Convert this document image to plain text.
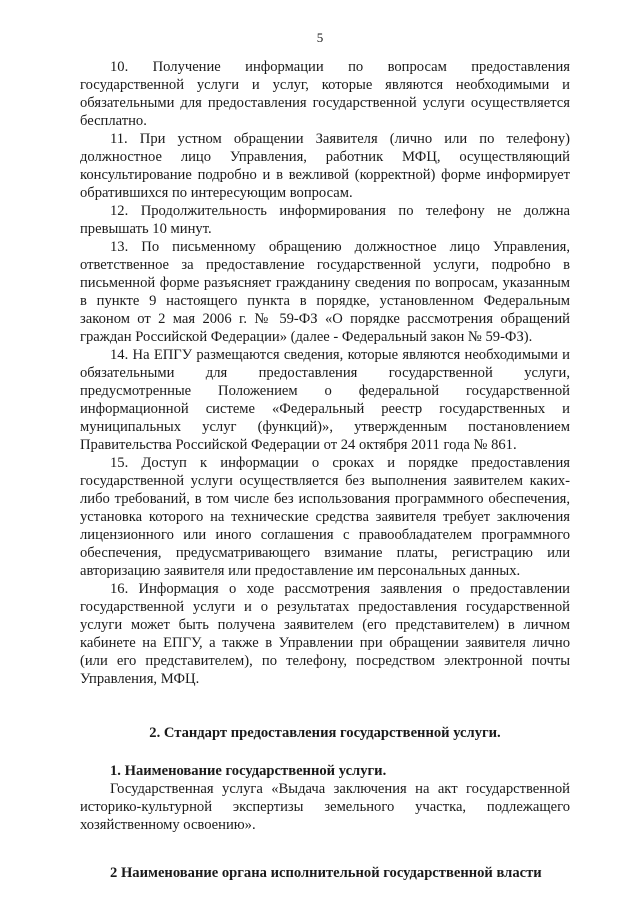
5

10. Получение информации по вопросам предоставления государственной услуги и услуг, которые являются необходимыми и обязательными для предоставления государственной услуги осуществляется бесплатно.

11. При устном обращении Заявителя (лично или по телефону) должностное лицо Управления, работник МФЦ, осуществляющий консультирование подробно и в вежливой (корректной) форме информирует обратившихся по интересующим вопросам.

12. Продолжительность информирования по телефону не должна превышать 10 минут.

13. По письменному обращению должностное лицо Управления, ответственное за предоставление государственной услуги, подробно в письменной форме разъясняет гражданину сведения по вопросам, указанным в пункте 9 настоящего пункта в порядке, установленном Федеральным законом от 2 мая 2006 г. № 59-ФЗ «О порядке рассмотрения обращений граждан Российской Федерации» (далее - Федеральный закон № 59-ФЗ).

14. На ЕПГУ размещаются сведения, которые являются необходимыми и обязательными для предоставления государственной услуги, предусмотренные Положением о федеральной государственной информационной системе «Федеральный реестр государственных и муниципальных услуг (функций)», утвержденным постановлением Правительства Российской Федерации от 24 октября 2011 года № 861.

15. Доступ к информации о сроках и порядке предоставления государственной услуги осуществляется без выполнения заявителем каких-либо требований, в том числе без использования программного обеспечения, установка которого на технические средства заявителя требует заключения лицензионного или иного соглашения с правообладателем программного обеспечения, предусматривающего взимание платы, регистрацию или авторизацию заявителя или предоставление им персональных данных.

16. Информация о ходе рассмотрения заявления о предоставлении государственной услуги и о результатах предоставления государственной услуги может быть получена заявителем (его представителем) в личном кабинете на ЕПГУ, а также в Управлении при обращении заявителя лично (или его представителем), по телефону, посредством электронной почты Управления, МФЦ.

2. Стандарт предоставления государственной услуги.

1. Наименование государственной услуги.

Государственная услуга «Выдача заключения на акт государственной историко-культурной экспертизы земельного участка, подлежащего хозяйственному освоению».

2 Наименование органа исполнительной государственной власти
